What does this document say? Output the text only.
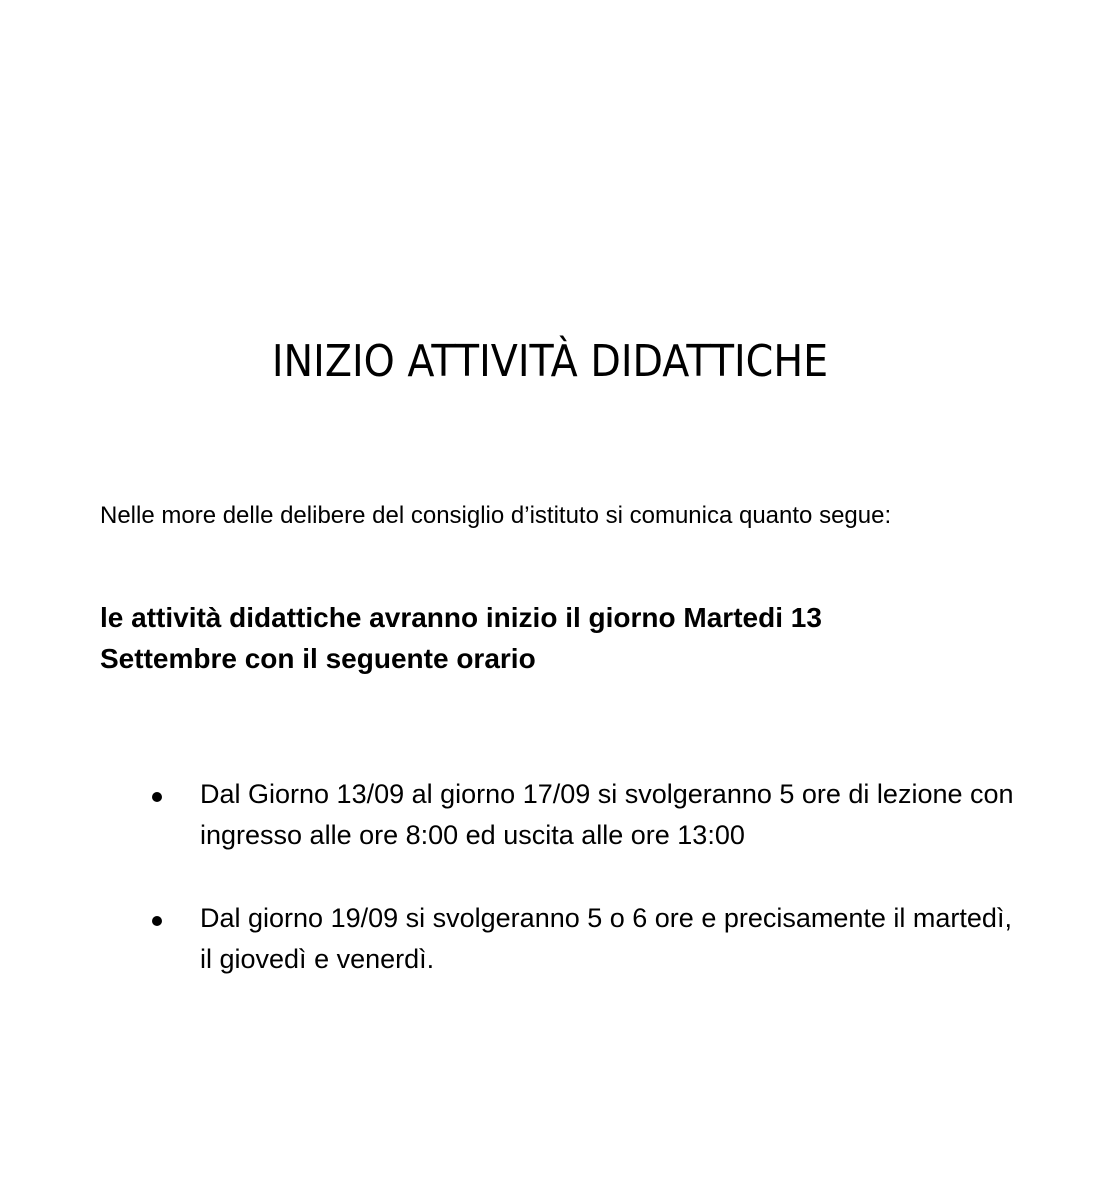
INIZIO ATTIVITÀ DIDATTICHE

Nelle more delle delibere del consiglio d’istituto si comunica quanto segue:

le attività didattiche avranno inizio il giorno Martedi 13 Settembre con il seguente orario

Dal Giorno 13/09 al giorno 17/09 si svolgeranno 5 ore di lezione con ingresso alle ore 8:00 ed uscita alle ore 13:00
Dal giorno 19/09 si svolgeranno 5 o 6 ore e precisamente il martedì, il giovedì e venerdì.
